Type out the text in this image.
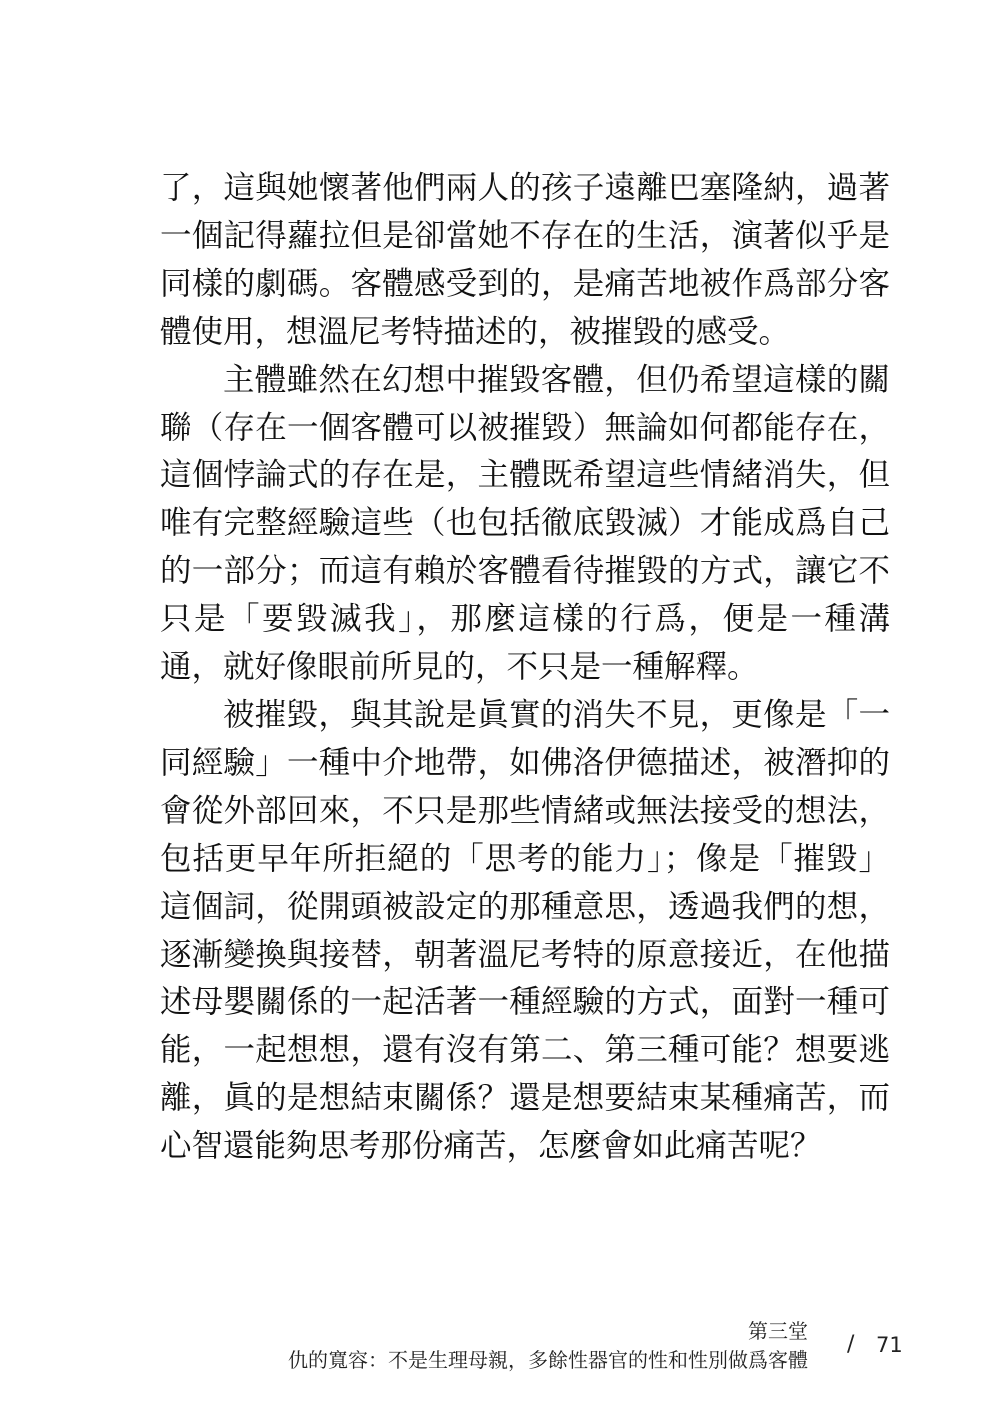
了，這與她懷著他們兩人的孩子遠離巴塞隆納，過著一個記得蘿拉但是卻當她不存在的生活，演著似乎是同樣的劇碼。客體感受到的，是痛苦地被作爲部分客體使用，想溫尼考特描述的，被摧毀的感受。

主體雖然在幻想中摧毀客體，但仍希望這樣的關聯（存在一個客體可以被摧毀）無論如何都能存在，這個悖論式的存在是，主體既希望這些情緒消失，但唯有完整經驗這些（也包括徹底毀滅）才能成爲自己的一部分；而這有賴於客體看待摧毀的方式，讓它不只是「要毀滅我」，那麼這樣的行爲，便是一種溝通，就好像眼前所見的，不只是一種解釋。

被摧毀，與其說是眞實的消失不見，更像是「一同經驗」一種中介地帶，如佛洛伊德描述，被潛抑的會從外部回來，不只是那些情緒或無法接受的想法，包括更早年所拒絕的「思考的能力」；像是「摧毀」這個詞，從開頭被設定的那種意思，透過我們的想，逐漸變換與接替，朝著溫尼考特的原意接近，在他描述母嬰關係的一起活著一種經驗的方式，面對一種可能，一起想想，還有沒有第二、第三種可能？想要逃離，眞的是想結束關係？還是想要結束某種痛苦，而心智還能夠思考那份痛苦，怎麼會如此痛苦呢？

第三堂
仇的寬容：不是生理母親，多餘性器官的性和性別做爲客體
/ 71
